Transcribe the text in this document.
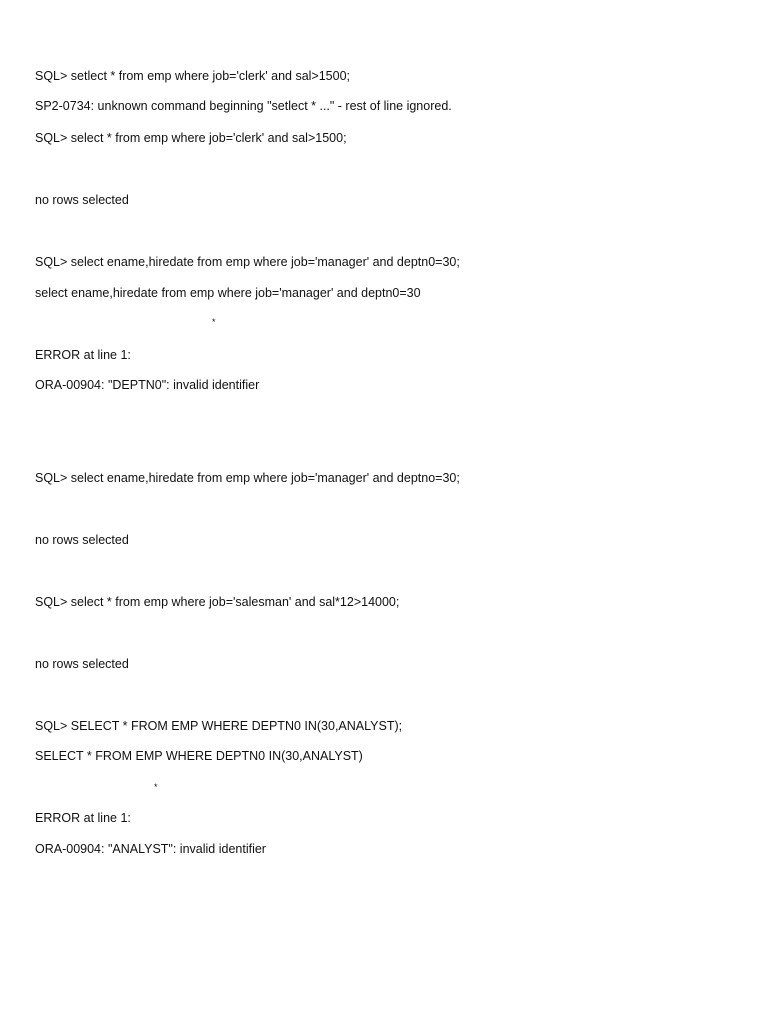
SQL> setlect * from emp where job='clerk' and sal>1500;
SP2-0734: unknown command beginning "setlect * ..." - rest of line ignored.
SQL> select * from emp where job='clerk' and sal>1500;
no rows selected
SQL> select ename,hiredate from emp where job='manager' and deptn0=30;
select ename,hiredate from emp where job='manager' and deptn0=30
*
ERROR at line 1:
ORA-00904: "DEPTN0": invalid identifier
SQL> select ename,hiredate from emp where job='manager' and deptno=30;
no rows selected
SQL> select * from emp where job='salesman' and sal*12>14000;
no rows selected
SQL> SELECT * FROM EMP WHERE DEPTN0 IN(30,ANALYST);
SELECT * FROM EMP WHERE DEPTN0 IN(30,ANALYST)
*
ERROR at line 1:
ORA-00904: "ANALYST": invalid identifier
